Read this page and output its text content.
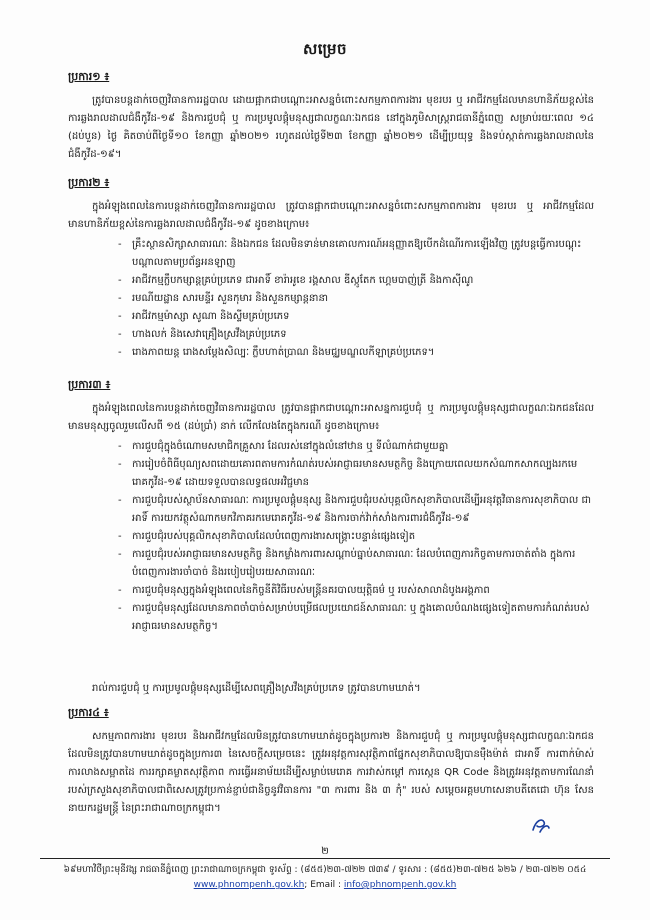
សម្រេច
ប្រការ១ ៖
ត្រូវបានបន្តដាក់ចេញវិធានការរដ្ឋបាល ដោយផ្អាកជាបណ្តោះអាសន្នចំពោះសកម្មភាពការងារ មុខរបរ ឬ អាជីវកម្មដែលមានហានិភ័យខ្ពស់នៃការឆ្លងរាលដាលជំងឺកូវីដ-១៩ និងការជួបជុំ ឬ ការប្រមូលផ្តុំមនុស្សជាលក្ខណៈឯកជន នៅក្នុងភូមិសាស្ត្ររាជធានីភ្នំពេញ សម្រាប់រយៈពេល ១៤ (ដប់បួន) ថ្ងៃ គិតចាប់ពីថ្ងៃទី១០ ខែកញ្ញា ឆ្នាំ២០២១ រហូតដល់ថ្ងៃទី២៣ ខែកញ្ញា ឆ្នាំ២០២១ ដើម្បីប្រយុទ្ធ និងទប់ស្កាត់ការឆ្លងរាលដាលនៃជំងឺកូវីដ-១៩។
ប្រការ២ ៖
ក្នុងអំឡុងពេលនៃការបន្តដាក់ចេញវិធានការរដ្ឋបាល ត្រូវបានផ្អាកជាបណ្តោះអាសន្នចំពោះសកម្មភាពការងារ មុខរបរ ឬ អាជីវកម្មដែលមានហានិភ័យខ្ពស់នៃការឆ្លងរាលដាលជំងឺកូវីដ-១៩ ដូចខាងក្រោម៖
- គ្រឹះស្ថានសិក្សាសាធារណៈ និងឯកជន ដែលមិនទាន់មានគោលការណ៍អនុញ្ញាតឱ្យបើកដំណើរការឡើងវិញ ត្រូវបន្តធ្វើការបណ្តុះបណ្តាលតាមប្រព័ន្ធអនឡាញ
- អាជីវកម្មក្លឹបកម្សាន្តគ្រប់ប្រភេទ ជាអាទិ៍ ខារ៉ាអូខេ រង្គសាល ឌីស្កូតែក ហ្គេមបាញ់ត្រី និងកាស៊ីណូ
- រមណីយដ្ឋាន សារមន្ទីរ សួនកុមារ និងសួនកម្សាន្តនានា
- អាជីវកម្មម៉ាស្សា សូណា និងស្ទីមគ្រប់ប្រភេទ
- ហាងលក់ និងសេវាគ្រឿងស្រវឹងគ្រប់ប្រភេទ
- រោងភាពយន្ត រោងសម្តែងសិល្បៈ ក្លឹបហាត់ប្រាណ និងមជ្ឈមណ្ឌលកីឡាគ្រប់ប្រភេទ។
ប្រការ៣ ៖
ក្នុងអំឡុងពេលនៃការបន្តដាក់ចេញវិធានការរដ្ឋបាល ត្រូវបានផ្អាកជាបណ្តោះអាសន្នការជួបជុំ ឬ ការប្រមូលផ្តុំមនុស្សជាលក្ខណៈឯកជនដែលមានមនុស្សចូលរួមលើសពី ១៥ (ដប់ប្រាំ) នាក់ លើកលែងតែក្នុងករណី ដូចខាងក្រោម៖
- ការជួបជុំក្នុងចំណោមសមាជិកគ្រួសារ ដែលរស់នៅក្នុងលំនៅឋាន ឬ ទីលំណាក់ជាមួយគ្នា
- ការរៀបចំពិធីបុណ្យសពដោយគោរពតាមការកំណត់របស់អាជ្ញាធរមានសមត្ថកិច្ច និងក្រោយពេលយកសំណាកសាកល្បងរកមេរោគកូវីដ-១៩ ដោយទទួលបានលទ្ធផលអវិជ្ជមាន
- ការជួបជុំរបស់ស្ថាប័នសាធារណៈ ការប្រមូលផ្តុំមនុស្ស និងការជួបជុំរបស់បុគ្គលិកសុខាភិបាលដើម្បីអនុវត្តវិធានការសុខាភិបាល ជាអាទិ៍ ការយកវត្ថុសំណាកមកវិភាគរកមេរោគកូវីដ-១៩ និងការចាក់វ៉ាក់សាំងការពារជំងឺកូវីដ-១៩
- ការជួបជុំរបស់បុគ្គលិកសុខាភិបាលដែលបំពេញការងារសង្គ្រោះបន្ទាន់ផ្សេងទៀត
- ការជួបជុំរបស់អាជ្ញាធរមានសមត្ថកិច្ច និងកម្លាំងការពារសណ្តាប់ធ្នាប់សាធារណៈ ដែលបំពេញភារកិច្ចតាមការចាត់តាំង ក្នុងការបំពេញការងារចាំបាច់ និងរបៀបរៀបរយសាធារណៈ
- ការជួបជុំមនុស្សក្នុងអំឡុងពេលនៃកិច្ចនីតិវិធីរបស់មន្ត្រីនគរបាលយុត្តិធម៌ ឬ របស់សាលាដំបូងអង្គភាព
- ការជួបជុំមនុស្សដែលមានភាពចាំបាច់សម្រាប់បម្រើផលប្រយោជន៍សាធារណៈ ឬ ក្នុងគោលបំណងផ្សេងទៀតតាមការកំណត់របស់អាជ្ញាធរមានសមត្ថកិច្ច។
រាល់ការជួបជុំ ឬ ការប្រមូលផ្តុំមនុស្សដើម្បីសេពគ្រឿងស្រវឹងគ្រប់ប្រភេទ ត្រូវបានហាមឃាត់។
ប្រការ៤ ៖
សកម្មភាពការងារ មុខរបរ និងអាជីវកម្មដែលមិនត្រូវបានហាមឃាត់ដូចក្នុងប្រការ២ និងការជួបជុំ ឬ ការប្រមូលផ្តុំមនុស្សជាលក្ខណៈឯកជនដែលមិនត្រូវបានហាមឃាត់ដូចក្នុងប្រការ៣ នៃសេចក្តីសម្រេចនេះ ត្រូវអនុវត្តការសុវត្ថិភាពផ្នែកសុខាភិបាលឱ្យបានម៉ឺងម៉ាត់ ជាអាទិ៍ ការពាក់ម៉ាស់ ការលាងសម្អាតដៃ ការរក្សាគម្លាតសុវត្ថិភាព ការធ្វើអនាម័យដើម្បីសម្លាប់មេរោគ ការវាស់កម្តៅ ការស្កេន QR Code និងត្រូវអនុវត្តតាមការណែនាំរបស់ក្រសួងសុខាភិបាលជាពិសេសត្រូវប្រកាន់ខ្ជាប់ជានិច្ចនូវវិធានការ "៣ ការពារ និង ៣ កុំ" របស់ សម្តេចអគ្គមហាសេនាបតីតេជោ ហ៊ុន សែន នាយករដ្ឋមន្ត្រី នៃព្រះរាជាណាចក្រកម្ពុជា។
២
៦៩មហាវិថីព្រះមុនីវង្ស រាជធានីភ្នំពេញ ព្រះរាជាណាចក្រកម្ពុជា ទូរស័ព្ទ : (៨៥៥)២៣-៧២២ ៧៣៩ / ទូរសារ : (៨៥៥)២៣-៧២៥ ៦២៦ / ២៣-៧២២ ០៥៤
www.phnompenh.gov.kh; Email : info@phnompenh.gov.kh
